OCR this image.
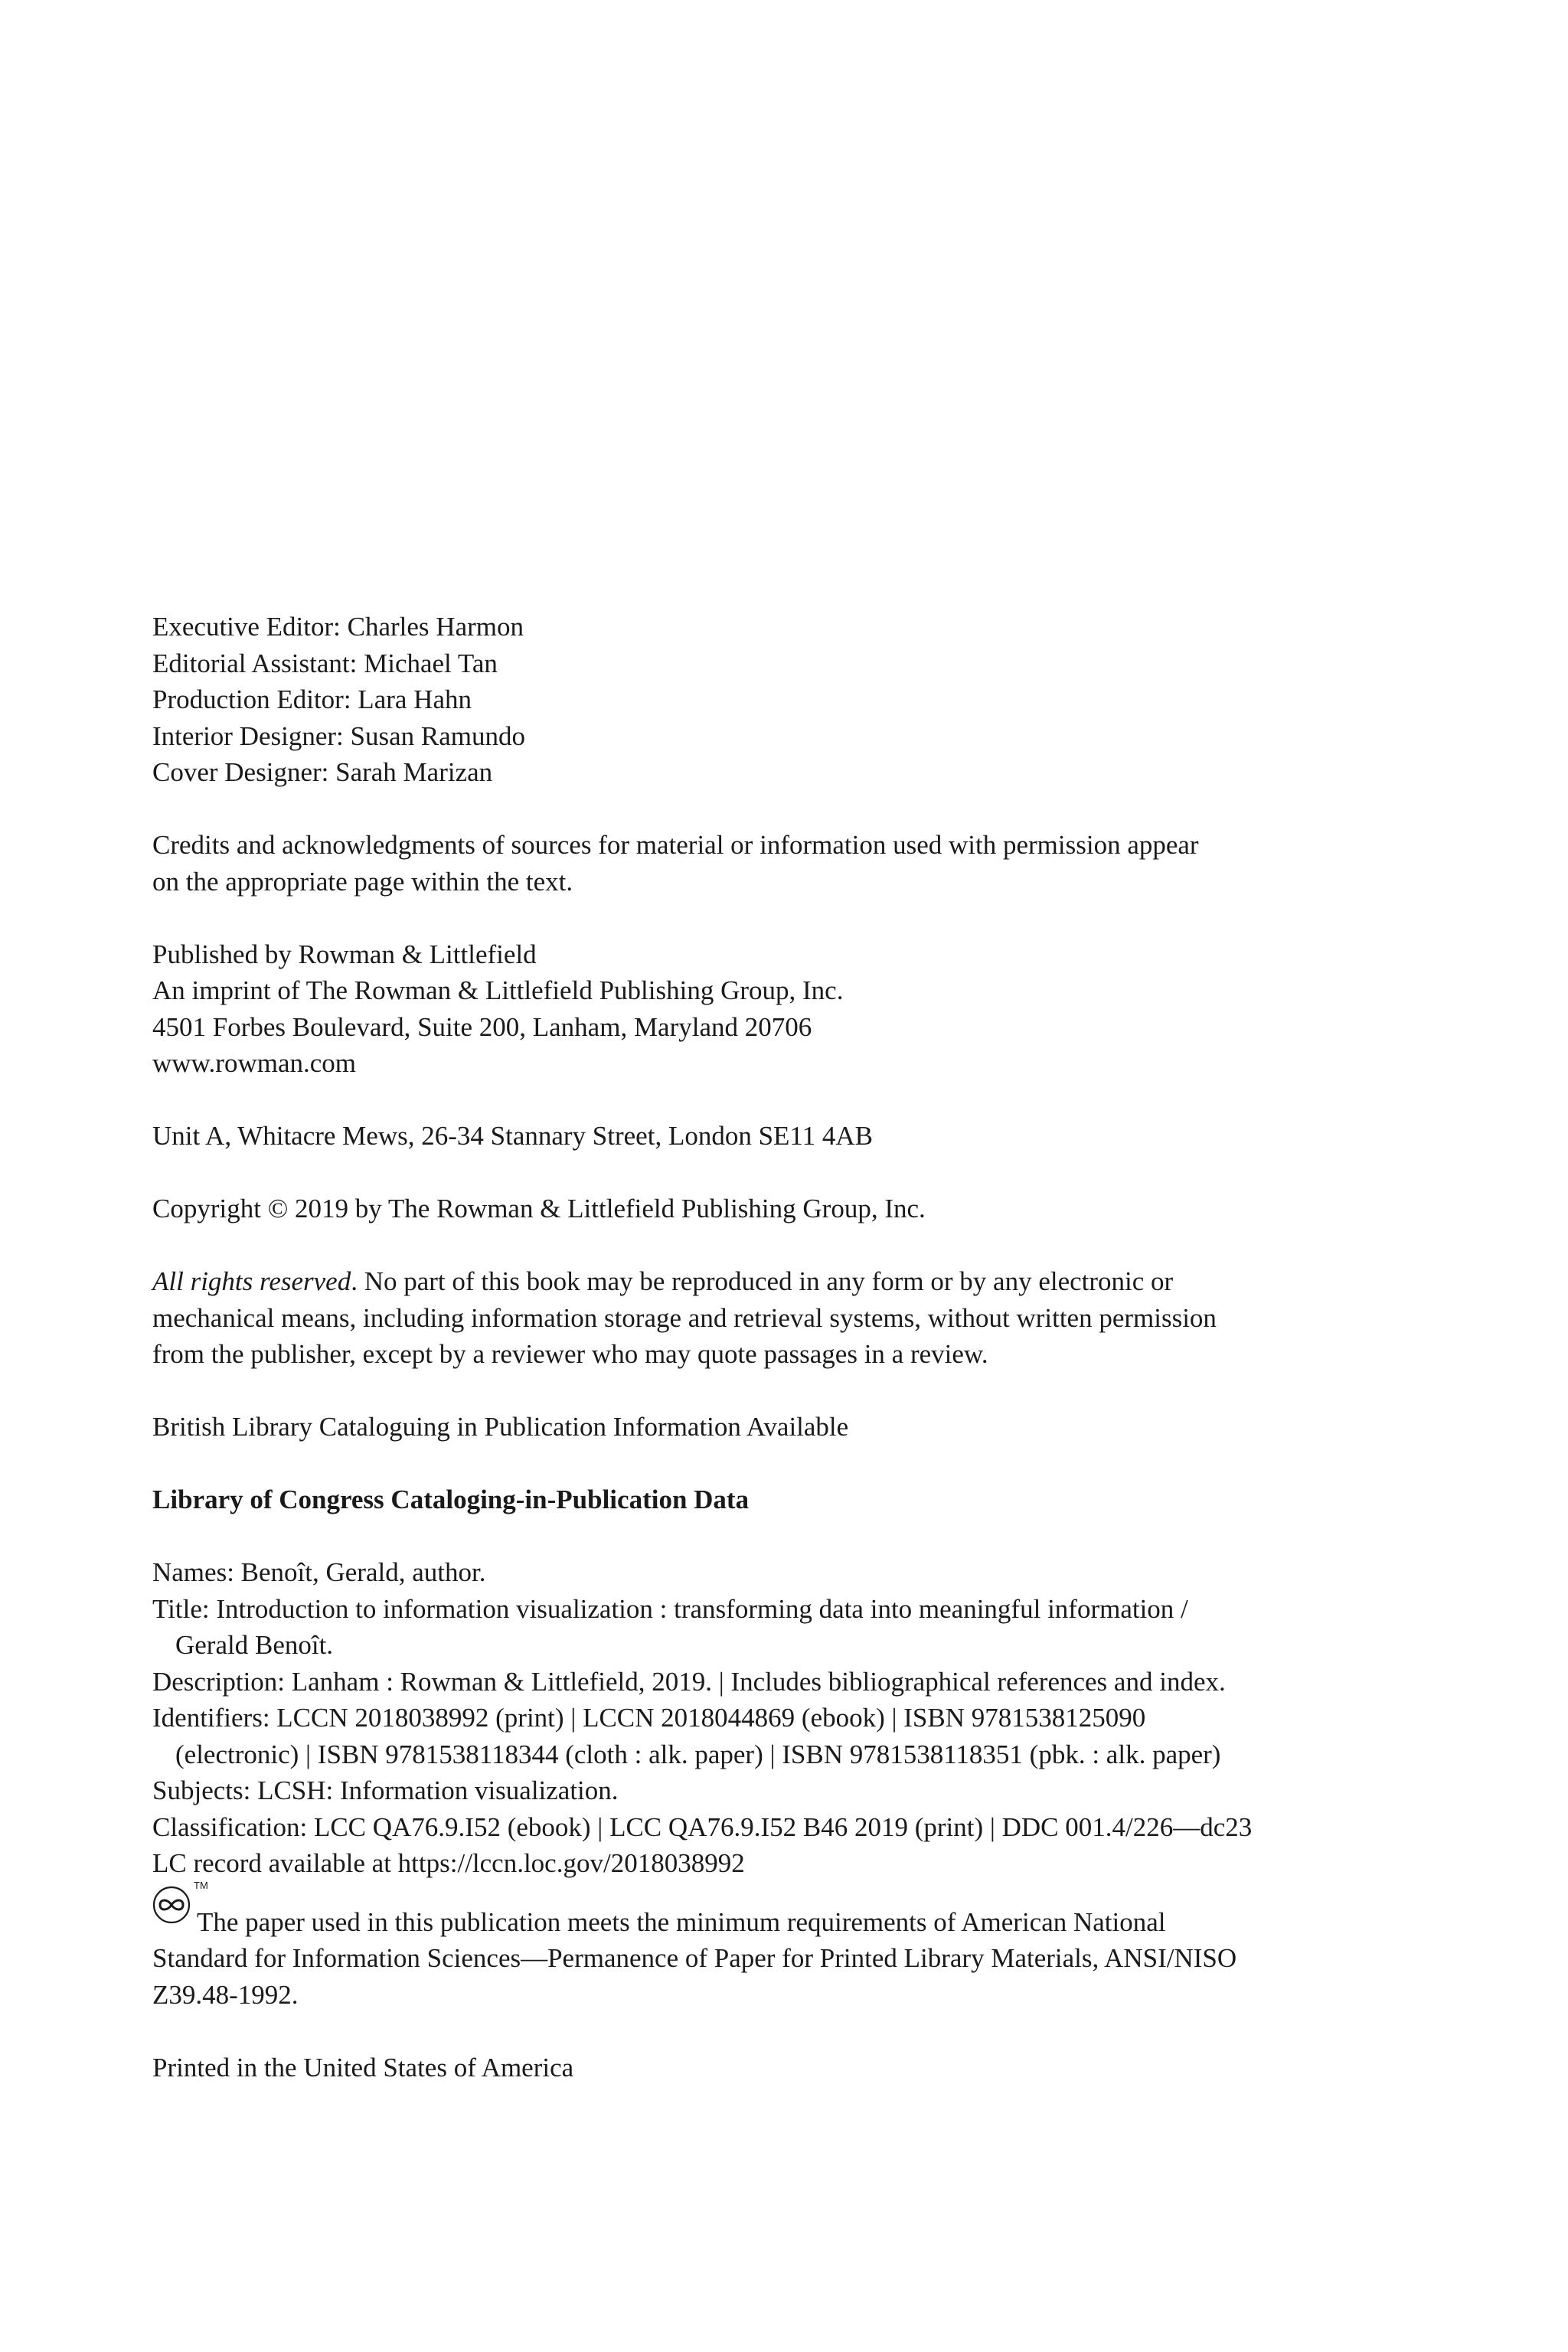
Executive Editor: Charles Harmon
Editorial Assistant: Michael Tan
Production Editor: Lara Hahn
Interior Designer: Susan Ramundo
Cover Designer: Sarah Marizan
Credits and acknowledgments of sources for material or information used with permission appear
on the appropriate page within the text.
Published by Rowman & Littlefield
An imprint of The Rowman & Littlefield Publishing Group, Inc.
4501 Forbes Boulevard, Suite 200, Lanham, Maryland 20706
www.rowman.com
Unit A, Whitacre Mews, 26-34 Stannary Street, London SE11 4AB
Copyright © 2019 by The Rowman & Littlefield Publishing Group, Inc.
All rights reserved. No part of this book may be reproduced in any form or by any electronic or
mechanical means, including information storage and retrieval systems, without written permission
from the publisher, except by a reviewer who may quote passages in a review.
British Library Cataloguing in Publication Information Available
Library of Congress Cataloging-in-Publication Data
Names: Benoît, Gerald, author.
Title: Introduction to information visualization : transforming data into meaningful information /
Gerald Benoît.
Description: Lanham : Rowman & Littlefield, 2019. | Includes bibliographical references and index.
Identifiers: LCCN 2018038992 (print) | LCCN 2018044869 (ebook) | ISBN 9781538125090
(electronic) | ISBN 9781538118344 (cloth : alk. paper) | ISBN 9781538118351 (pbk. : alk. paper)
Subjects: LCSH: Information visualization.
Classification: LCC QA76.9.I52 (ebook) | LCC QA76.9.I52 B46 2019 (print) | DDC 001.4/226—dc23
LC record available at https://lccn.loc.gov/2018038992
TM
The paper used in this publication meets the minimum requirements of American National
Standard for Information Sciences—Permanence of Paper for Printed Library Materials, ANSI/NISO
Z39.48-1992.
Printed in the United States of America
